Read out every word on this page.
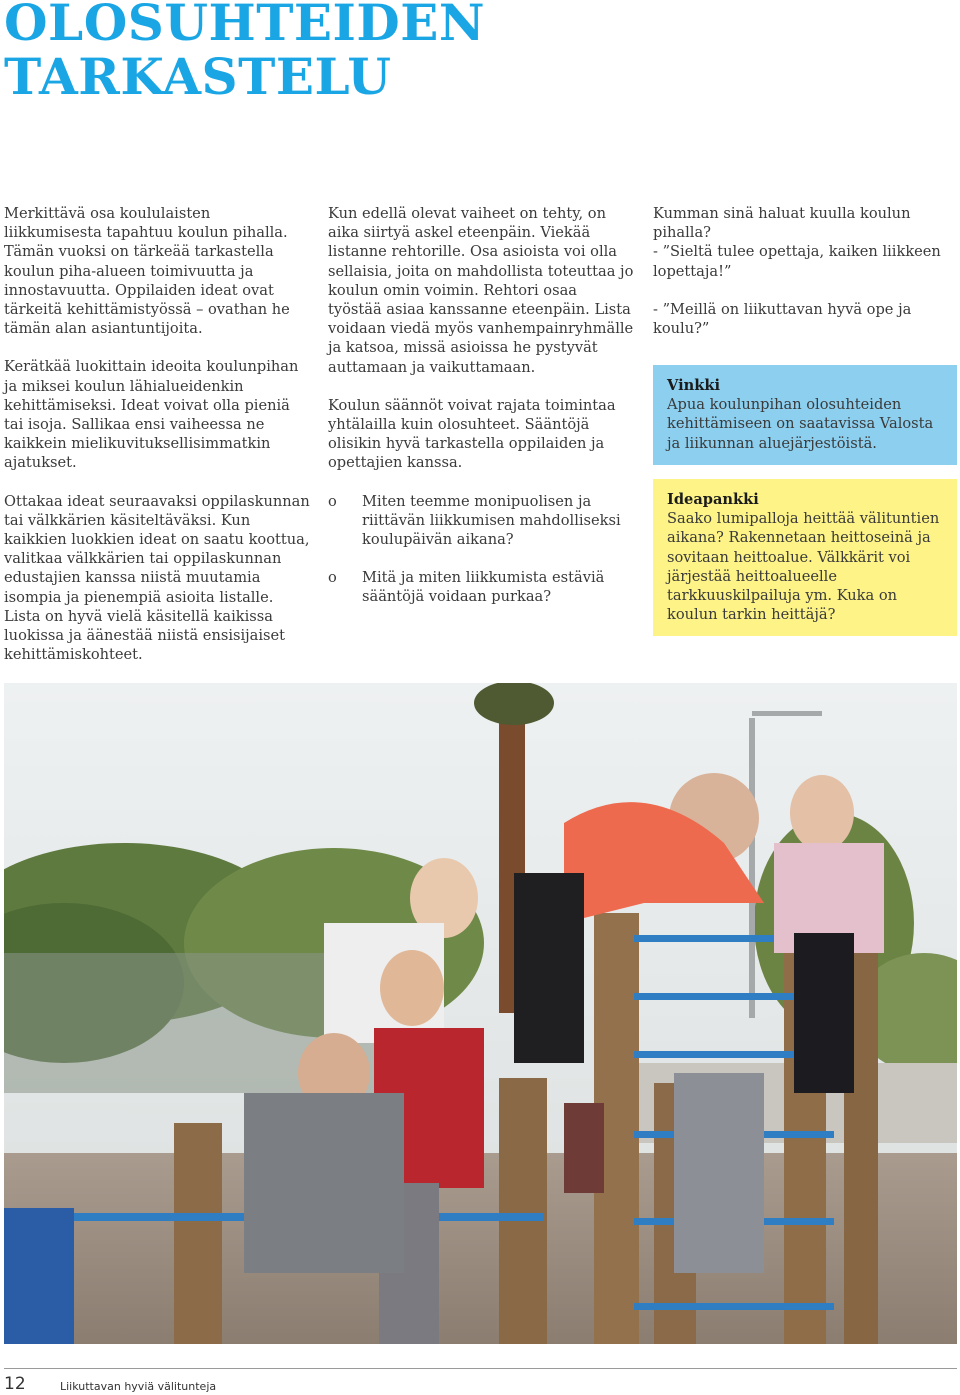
OLOSUHTEIDEN
TARKASTELU

Merkittävä osa koululaisten liikkumisesta tapahtuu koulun pihalla. Tämän vuoksi on tärkeää tarkastella koulun piha-alueen toimivuutta ja innostavuutta. Oppilaiden ideat ovat tärkeitä kehittämistyössä – ovathan he tämän alan asiantuntijoita.

Kerätkää luokittain ideoita koulunpihan ja miksei koulun lähialueidenkin kehittämiseksi. Ideat voivat olla pieniä tai isoja. Sallikaa ensi vaiheessa ne kaikkein mielikuvituksellisimmatkin ajatukset.

Ottakaa ideat seuraavaksi oppilaskunnan tai välkkärien käsiteltäväksi. Kun kaikkien luokkien ideat on saatu koottua, valitkaa välkkärien tai oppilaskunnan edustajien kanssa niistä muutamia isompia ja pienempiä asioita listalle. Lista on hyvä vielä käsitellä kaikissa luokissa ja äänestää niistä ensisijaiset kehittämiskohteet.

Kun edellä olevat vaiheet on tehty, on aika siirtyä askel eteenpäin. Viekää listanne rehtorille. Osa asioista voi olla sellaisia, joita on mahdollista toteuttaa jo koulun omin voimin. Rehtori osaa työstää asiaa kanssanne eteenpäin. Lista voidaan viedä myös vanhempainryhmälle ja katsoa, missä asioissa he pystyvät auttamaan ja vaikuttamaan.

Koulun säännöt voivat rajata toimintaa yhtälailla kuin olosuhteet. Sääntöjä olisikin hyvä tarkastella oppilaiden ja opettajien kanssa.

o	Miten teemme monipuolisen ja riittävän liikkumisen mahdolliseksi koulupäivän aikana?
o	Mitä ja miten liikkumista estäviä sääntöjä voidaan purkaa?
Kumman sinä haluat kuulla koulun pihalla?
- ”Sieltä tulee opettaja, kaiken liikkeen lopettaja!”
- ”Meillä on liikuttavan hyvä ope ja koulu?”
Vinkki
Apua koulunpihan olosuhteiden kehittämiseen on saatavissa Valosta ja liikunnan aluejärjestöistä.
Ideapankki
Saako lumipalloja heittää välituntien aikana? Rakennetaan heittoseinä ja sovitaan heittoalue. Välkkärit voi järjestää heittoalueelle tarkkuuskilpailuja ym. Kuka on koulun tarkin heittäjä?
12	Liikuttavan hyviä välitunteja
